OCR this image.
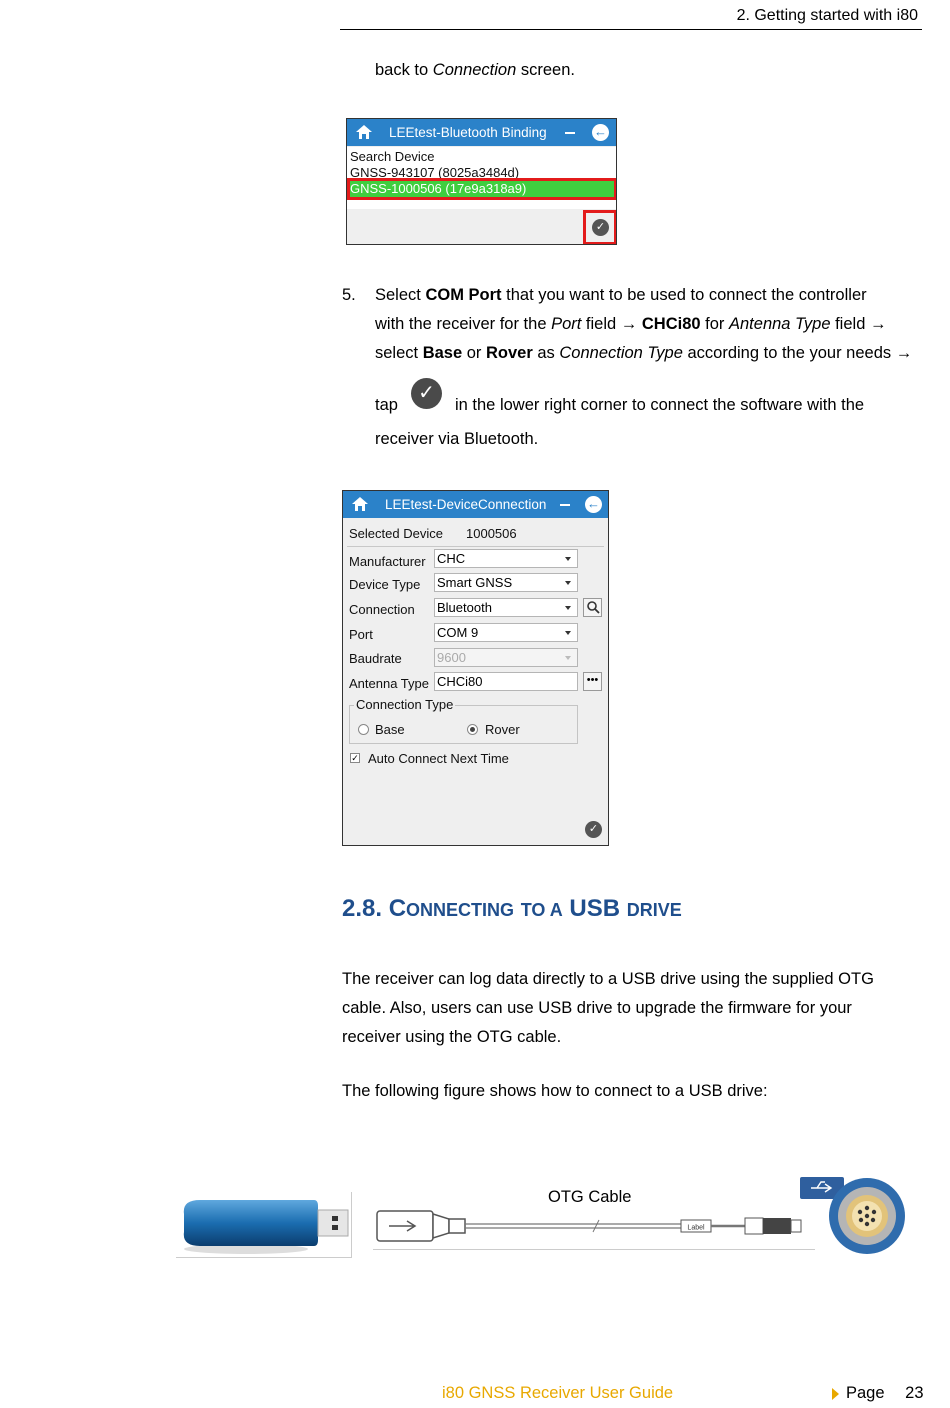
2. Getting started with i80
back to Connection screen.
LEEtest-Bluetooth Binding	←
Search Device
GNSS-943107 (8025a3484d)
GNSS-1000506 (17e9a318a9)
✓
5. Select COM Port that you want to be used to connect the controller
with the receiver for the Port field → CHCi80 for Antenna Type field →
select Base or Rover as Connection Type according to the your needs →
tap
✓
in the lower right corner to connect the software with the
receiver via Bluetooth.
LEEtest-DeviceConnection	←
Selected Device 1000506
Manufacturer CHC
Device Type Smart GNSS
Connection Bluetooth
Port	COM 9
Baudrate	9600
Antenna Type CHCi80	•••
Connection Type
Base	Rover
✓ Auto Connect Next Time
✓
2.8. CONNECTING TO A USB DRIVE
The receiver can log data directly to a USB drive using the supplied OTG
cable. Also, users can use USB drive to upgrade the firmware for your
receiver using the OTG cable.
The following figure shows how to connect to a USB drive:
OTG Cable
Label
i80 GNSS Receiver User Guide	Page 23
